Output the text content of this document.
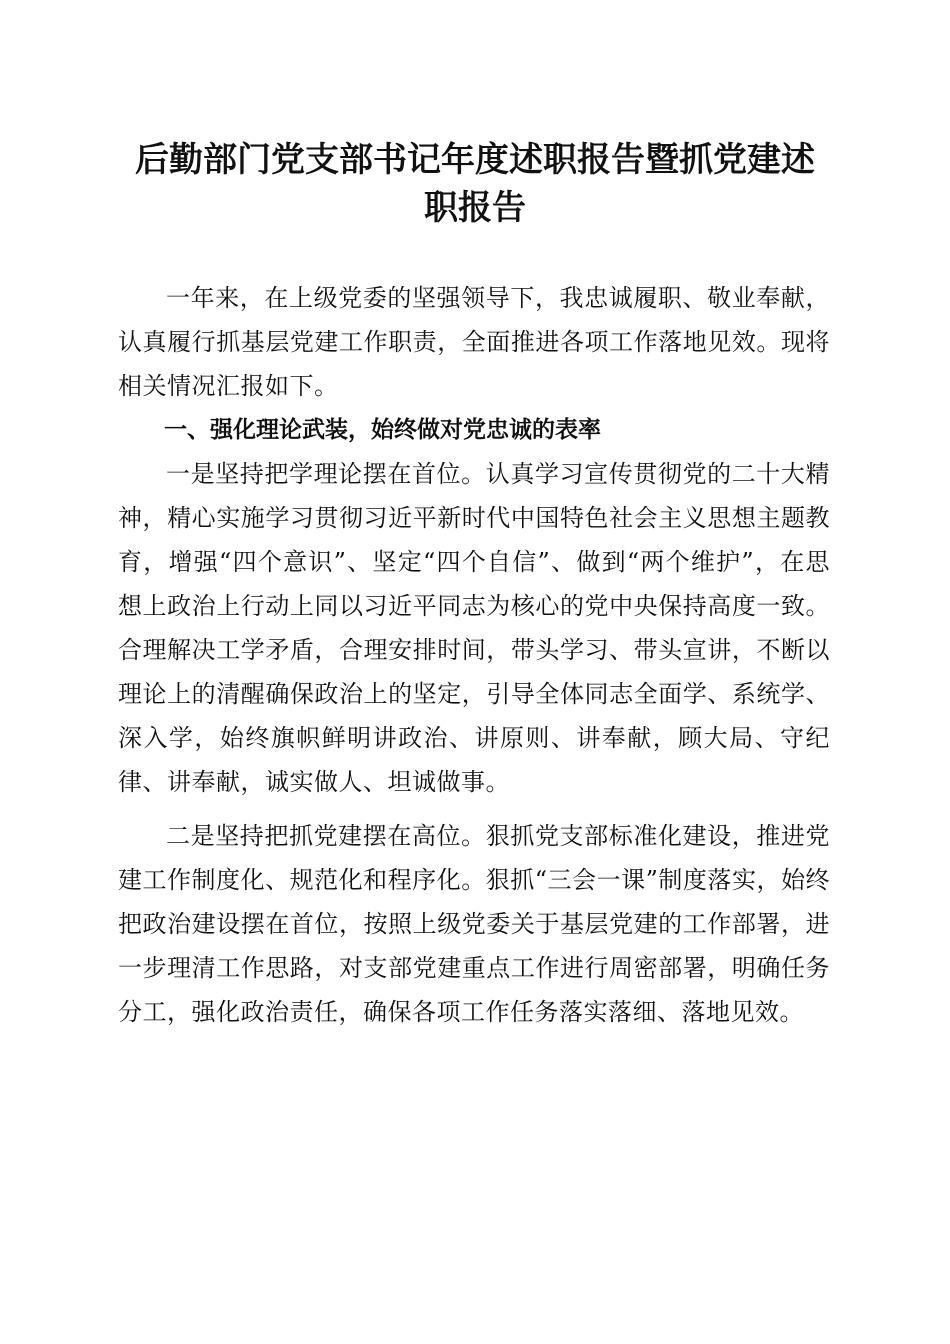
后勤部门党支部书记年度述职报告暨抓党建述
职报告

一年来，在上级党委的坚强领导下，我忠诚履职、敬业奉献，认真履行抓基层党建工作职责，全面推进各项工作落地见效。现将相关情况汇报如下。

一、强化理论武装，始终做对党忠诚的表率

一是坚持把学理论摆在首位。认真学习宣传贯彻党的二十大精神，精心实施学习贯彻习近平新时代中国特色社会主义思想主题教育，增强“四个意识”、坚定“四个自信”、做到“两个维护”，在思想上政治上行动上同以习近平同志为核心的党中央保持高度一致。合理解决工学矛盾，合理安排时间，带头学习、带头宣讲，不断以理论上的清醒确保政治上的坚定，引导全体同志全面学、系统学、深入学，始终旗帜鲜明讲政治、讲原则、讲奉献，顾大局、守纪律、讲奉献，诚实做人、坦诚做事。

二是坚持把抓党建摆在高位。狠抓党支部标准化建设，推进党建工作制度化、规范化和程序化。狠抓“三会一课”制度落实，始终把政治建设摆在首位，按照上级党委关于基层党建的工作部署，进一步理清工作思路，对支部党建重点工作进行周密部署，明确任务分工，强化政治责任，确保各项工作任务落实落细、落地见效。
